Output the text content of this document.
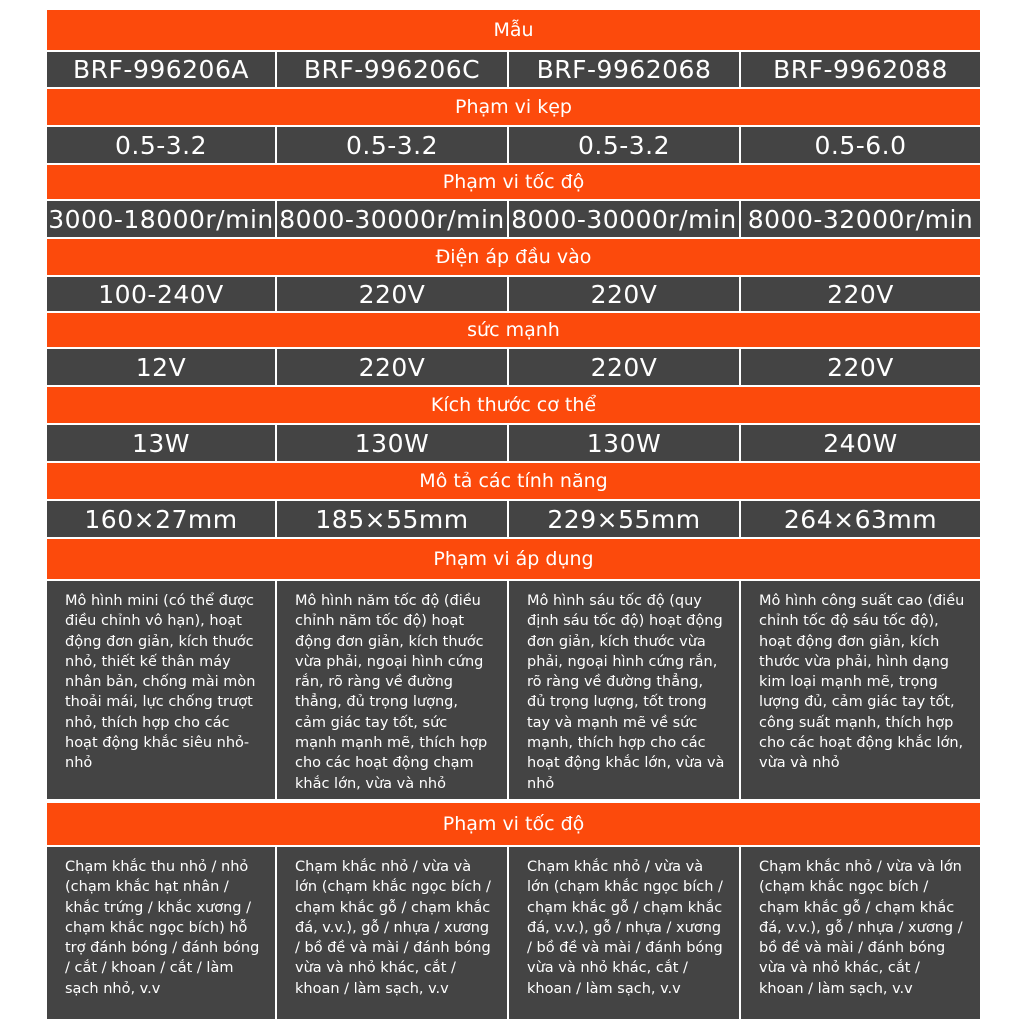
Mẫu
BRF-996206A	BRF-996206C	BRF-9962068	BRF-9962088
Phạm vi kẹp
0.5-3.2	0.5-3.2	0.5-3.2	0.5-6.0
Phạm vi tốc độ
3000-18000r/min 8000-30000r/min 8000-30000r/min 8000-32000r/min
Điện áp đầu vào
100-240V	220V	220V	220V
sức mạnh
12V	220V	220V	220V
Kích thước cơ thể
13W	130W	130W	240W
Mô tả các tính năng
160×27mm	185×55mm	229×55mm	264×63mm
Phạm vi áp dụng
Mô hình mini (có thể được điều chỉnh vô hạn), hoạt động đơn giản, kích thước nhỏ, thiết kế thân máy nhân bản, chống mài mòn thoải mái, lực chống trượt nhỏ, thích hợp cho các hoạt động khắc siêu nhỏ-nhỏ
Mô hình năm tốc độ (điều chỉnh năm tốc độ) hoạt động đơn giản, kích thước vừa phải, ngoại hình cứng rắn, rõ ràng về đường thẳng, đủ trọng lượng, cảm giác tay tốt, sức mạnh mạnh mẽ, thích hợp cho các hoạt động chạm khắc lớn, vừa và nhỏ
Mô hình sáu tốc độ (quy định sáu tốc độ) hoạt động đơn giản, kích thước vừa phải, ngoại hình cứng rắn, rõ ràng về đường thẳng, đủ trọng lượng, tốt trong tay và mạnh mẽ về sức mạnh, thích hợp cho các hoạt động khắc lớn, vừa và nhỏ
Mô hình công suất cao (điều chỉnh tốc độ sáu tốc độ), hoạt động đơn giản, kích thước vừa phải, hình dạng kim loại mạnh mẽ, trọng lượng đủ, cảm giác tay tốt, công suất mạnh, thích hợp cho các hoạt động khắc lớn, vừa và nhỏ
Phạm vi tốc độ
Chạm khắc thu nhỏ / nhỏ (chạm khắc hạt nhân / khắc trứng / khắc xương / chạm khắc ngọc bích) hỗ trợ đánh bóng / đánh bóng / cắt / khoan / cắt / làm sạch nhỏ, v.v
Chạm khắc nhỏ / vừa và lớn (chạm khắc ngọc bích / chạm khắc gỗ / chạm khắc đá, v.v.), gỗ / nhựa / xương / bồ đề và mài / đánh bóng vừa và nhỏ khác, cắt / khoan / làm sạch, v.v
Chạm khắc nhỏ / vừa và lớn (chạm khắc ngọc bích / chạm khắc gỗ / chạm khắc đá, v.v.), gỗ / nhựa / xương / bồ đề và mài / đánh bóng vừa và nhỏ khác, cắt / khoan / làm sạch, v.v
Chạm khắc nhỏ / vừa và lớn (chạm khắc ngọc bích / chạm khắc gỗ / chạm khắc đá, v.v.), gỗ / nhựa / xương / bồ đề và mài / đánh bóng vừa và nhỏ khác, cắt / khoan / làm sạch, v.v
